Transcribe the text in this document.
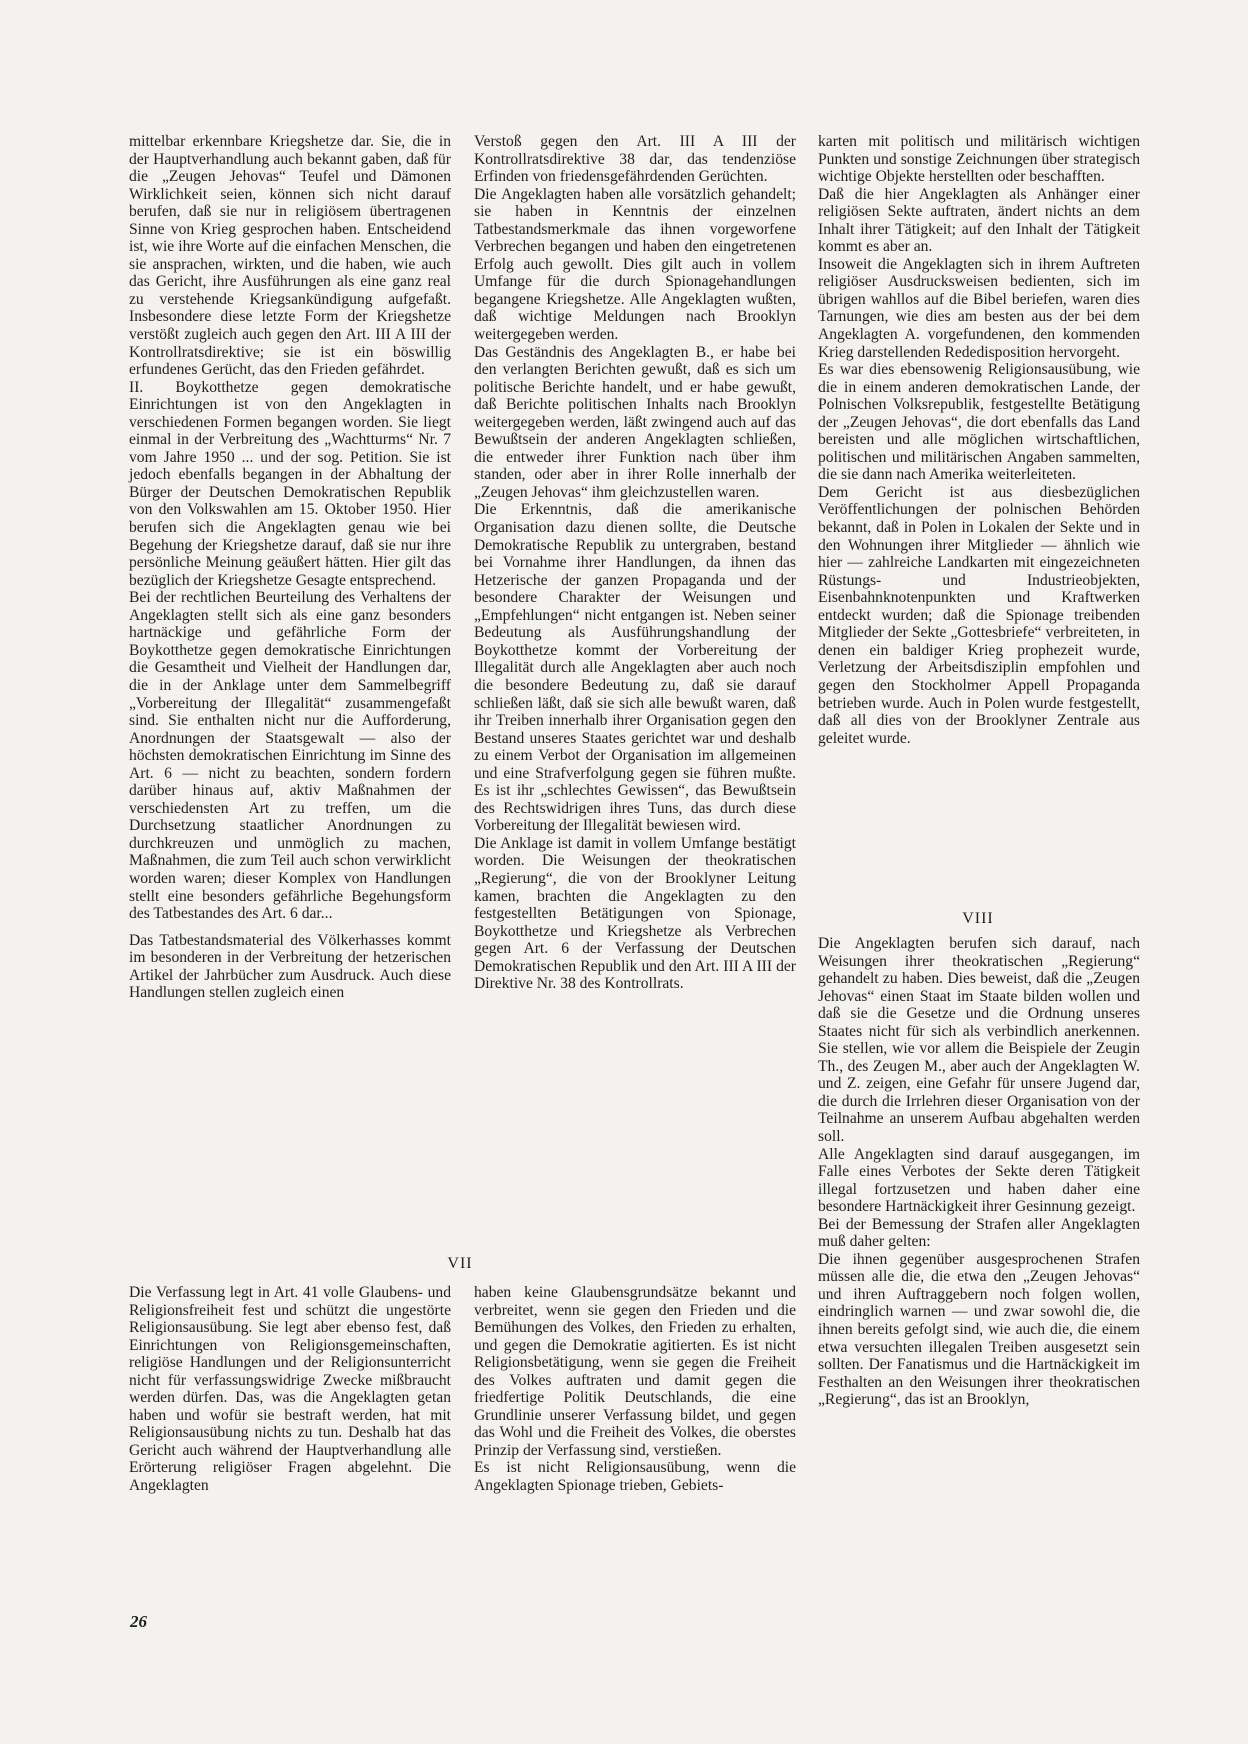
mittelbar erkennbare Kriegshetze dar. Sie, die in der Hauptverhandlung auch bekannt gaben, daß für die „Zeugen Jehovas“ Teufel und Dämonen Wirklichkeit seien, können sich nicht darauf berufen, daß sie nur in religiösem übertragenen Sinne von Krieg gesprochen haben. Entscheidend ist, wie ihre Worte auf die einfachen Menschen, die sie ansprachen, wirkten, und die haben, wie auch das Gericht, ihre Ausführungen als eine ganz real zu verstehende Kriegsankündigung aufgefaßt. Insbesondere diese letzte Form der Kriegshetze verstößt zugleich auch gegen den Art. III A III der Kontrollratsdirektive; sie ist ein böswillig erfundenes Gerücht, das den Frieden gefährdet.

II. Boykotthetze gegen demokratische Einrichtungen ist von den Angeklagten in verschiedenen Formen begangen worden. Sie liegt einmal in der Verbreitung des „Wachtturms“ Nr. 7 vom Jahre 1950 ... und der sog. Petition. Sie ist jedoch ebenfalls begangen in der Abhaltung der Bürger der Deutschen Demokratischen Republik von den Volkswahlen am 15. Oktober 1950. Hier berufen sich die Angeklagten genau wie bei Begehung der Kriegshetze darauf, daß sie nur ihre persönliche Meinung geäußert hätten. Hier gilt das bezüglich der Kriegshetze Gesagte entsprechend.

Bei der rechtlichen Beurteilung des Verhaltens der Angeklagten stellt sich als eine ganz besonders hartnäckige und gefährliche Form der Boykotthetze gegen demokratische Einrichtungen die Gesamtheit und Vielheit der Handlungen dar, die in der Anklage unter dem Sammelbegriff „Vorbereitung der Illegalität“ zusammengefaßt sind. Sie enthalten nicht nur die Aufforderung, Anordnungen der Staatsgewalt — also der höchsten demokratischen Einrichtung im Sinne des Art. 6 — nicht zu beachten, sondern fordern darüber hinaus auf, aktiv Maßnahmen der verschiedensten Art zu treffen, um die Durchsetzung staatlicher Anordnungen zu durchkreuzen und unmöglich zu machen, Maßnahmen, die zum Teil auch schon verwirklicht worden waren; dieser Komplex von Handlungen stellt eine besonders gefährliche Begehungsform des Tatbestandes des Art. 6 dar...

Das Tatbestandsmaterial des Völkerhasses kommt im besonderen in der Verbreitung der hetzerischen Artikel der Jahrbücher zum Ausdruck. Auch diese Handlungen stellen zugleich einen

Verstoß gegen den Art. III A III der Kontrollratsdirektive 38 dar, das tendenziöse Erfinden von friedensgefährdenden Gerüchten.

Die Angeklagten haben alle vorsätzlich gehandelt; sie haben in Kenntnis der einzelnen Tatbestandsmerkmale das ihnen vorgeworfene Verbrechen begangen und haben den eingetretenen Erfolg auch gewollt. Dies gilt auch in vollem Umfange für die durch Spionagehandlungen begangene Kriegshetze. Alle Angeklagten wußten, daß wichtige Meldungen nach Brooklyn weitergegeben werden.

Das Geständnis des Angeklagten B., er habe bei den verlangten Berichten gewußt, daß es sich um politische Berichte handelt, und er habe gewußt, daß Berichte politischen Inhalts nach Brooklyn weitergegeben werden, läßt zwingend auch auf das Bewußtsein der anderen Angeklagten schließen, die entweder ihrer Funktion nach über ihm standen, oder aber in ihrer Rolle innerhalb der „Zeugen Jehovas“ ihm gleichzustellen waren.

Die Erkenntnis, daß die amerikanische Organisation dazu dienen sollte, die Deutsche Demokratische Republik zu untergraben, bestand bei Vornahme ihrer Handlungen, da ihnen das Hetzerische der ganzen Propaganda und der besondere Charakter der Weisungen und „Empfehlungen“ nicht entgangen ist. Neben seiner Bedeutung als Ausführungshandlung der Boykotthetze kommt der Vorbereitung der Illegalität durch alle Angeklagten aber auch noch die besondere Bedeutung zu, daß sie darauf schließen läßt, daß sie sich alle bewußt waren, daß ihr Treiben innerhalb ihrer Organisation gegen den Bestand unseres Staates gerichtet war und deshalb zu einem Verbot der Organisation im allgemeinen und eine Strafverfolgung gegen sie führen mußte. Es ist ihr „schlechtes Gewissen“, das Bewußtsein des Rechtswidrigen ihres Tuns, das durch diese Vorbereitung der Illegalität bewiesen wird.

Die Anklage ist damit in vollem Umfange bestätigt worden. Die Weisungen der theokratischen „Regierung“, die von der Brooklyner Leitung kamen, brachten die Angeklagten zu den festgestellten Betätigungen von Spionage, Boykotthetze und Kriegshetze als Verbrechen gegen Art. 6 der Verfassung der Deutschen Demokratischen Republik und den Art. III A III der Direktive Nr. 38 des Kontrollrats.

VII

Die Verfassung legt in Art. 41 volle Glaubens- und Religionsfreiheit fest und schützt die ungestörte Religionsausübung. Sie legt aber ebenso fest, daß Einrichtungen von Religionsgemeinschaften, religiöse Handlungen und der Religionsunterricht nicht für verfassungswidrige Zwecke mißbraucht werden dürfen. Das, was die Angeklagten getan haben und wofür sie bestraft werden, hat mit Religionsausübung nichts zu tun. Deshalb hat das Gericht auch während der Hauptverhandlung alle Erörterung religiöser Fragen abgelehnt. Die Angeklagten

haben keine Glaubensgrundsätze bekannt und verbreitet, wenn sie gegen den Frieden und die Bemühungen des Volkes, den Frieden zu erhalten, und gegen die Demokratie agitierten. Es ist nicht Religionsbetätigung, wenn sie gegen die Freiheit des Volkes auftraten und damit gegen die friedfertige Politik Deutschlands, die eine Grundlinie unserer Verfassung bildet, und gegen das Wohl und die Freiheit des Volkes, die oberstes Prinzip der Verfassung sind, verstießen.

Es ist nicht Religionsausübung, wenn die Angeklagten Spionage trieben, Gebiets-

karten mit politisch und militärisch wichtigen Punkten und sonstige Zeichnungen über strategisch wichtige Objekte herstellten oder beschafften.

Daß die hier Angeklagten als Anhänger einer religiösen Sekte auftraten, ändert nichts an dem Inhalt ihrer Tätigkeit; auf den Inhalt der Tätigkeit kommt es aber an.

Insoweit die Angeklagten sich in ihrem Auftreten religiöser Ausdrucksweisen bedienten, sich im übrigen wahllos auf die Bibel beriefen, waren dies Tarnungen, wie dies am besten aus der bei dem Angeklagten A. vorgefundenen, den kommenden Krieg darstellenden Rededisposition hervorgeht.

Es war dies ebensowenig Religionsausübung, wie die in einem anderen demokratischen Lande, der Polnischen Volksrepublik, festgestellte Betätigung der „Zeugen Jehovas“, die dort ebenfalls das Land bereisten und alle möglichen wirtschaftlichen, politischen und militärischen Angaben sammelten, die sie dann nach Amerika weiterleiteten.

Dem Gericht ist aus diesbezüglichen Veröffentlichungen der polnischen Behörden bekannt, daß in Polen in Lokalen der Sekte und in den Wohnungen ihrer Mitglieder — ähnlich wie hier — zahlreiche Landkarten mit eingezeichneten Rüstungs- und Industrieobjekten, Eisenbahnknotenpunkten und Kraftwerken entdeckt wurden; daß die Spionage treibenden Mitglieder der Sekte „Gottesbriefe“ verbreiteten, in denen ein baldiger Krieg prophezeit wurde, Verletzung der Arbeitsdisziplin empfohlen und gegen den Stockholmer Appell Propaganda betrieben wurde. Auch in Polen wurde festgestellt, daß all dies von der Brooklyner Zentrale aus geleitet wurde.

VIII

Die Angeklagten berufen sich darauf, nach Weisungen ihrer theokratischen „Regierung“ gehandelt zu haben. Dies beweist, daß die „Zeugen Jehovas“ einen Staat im Staate bilden wollen und daß sie die Gesetze und die Ordnung unseres Staates nicht für sich als verbindlich anerkennen. Sie stellen, wie vor allem die Beispiele der Zeugin Th., des Zeugen M., aber auch der Angeklagten W. und Z. zeigen, eine Gefahr für unsere Jugend dar, die durch die Irrlehren dieser Organisation von der Teilnahme an unserem Aufbau abgehalten werden soll.

Alle Angeklagten sind darauf ausgegangen, im Falle eines Verbotes der Sekte deren Tätigkeit illegal fortzusetzen und haben daher eine besondere Hartnäckigkeit ihrer Gesinnung gezeigt.

Bei der Bemessung der Strafen aller Angeklagten muß daher gelten:

Die ihnen gegenüber ausgesprochenen Strafen müssen alle die, die etwa den „Zeugen Jehovas“ und ihren Auftraggebern noch folgen wollen, eindringlich warnen — und zwar sowohl die, die ihnen bereits gefolgt sind, wie auch die, die einem etwa versuchten illegalen Treiben ausgesetzt sein sollten. Der Fanatismus und die Hartnäckigkeit im Festhalten an den Weisungen ihrer theokratischen „Regierung“, das ist an Brooklyn,

26
